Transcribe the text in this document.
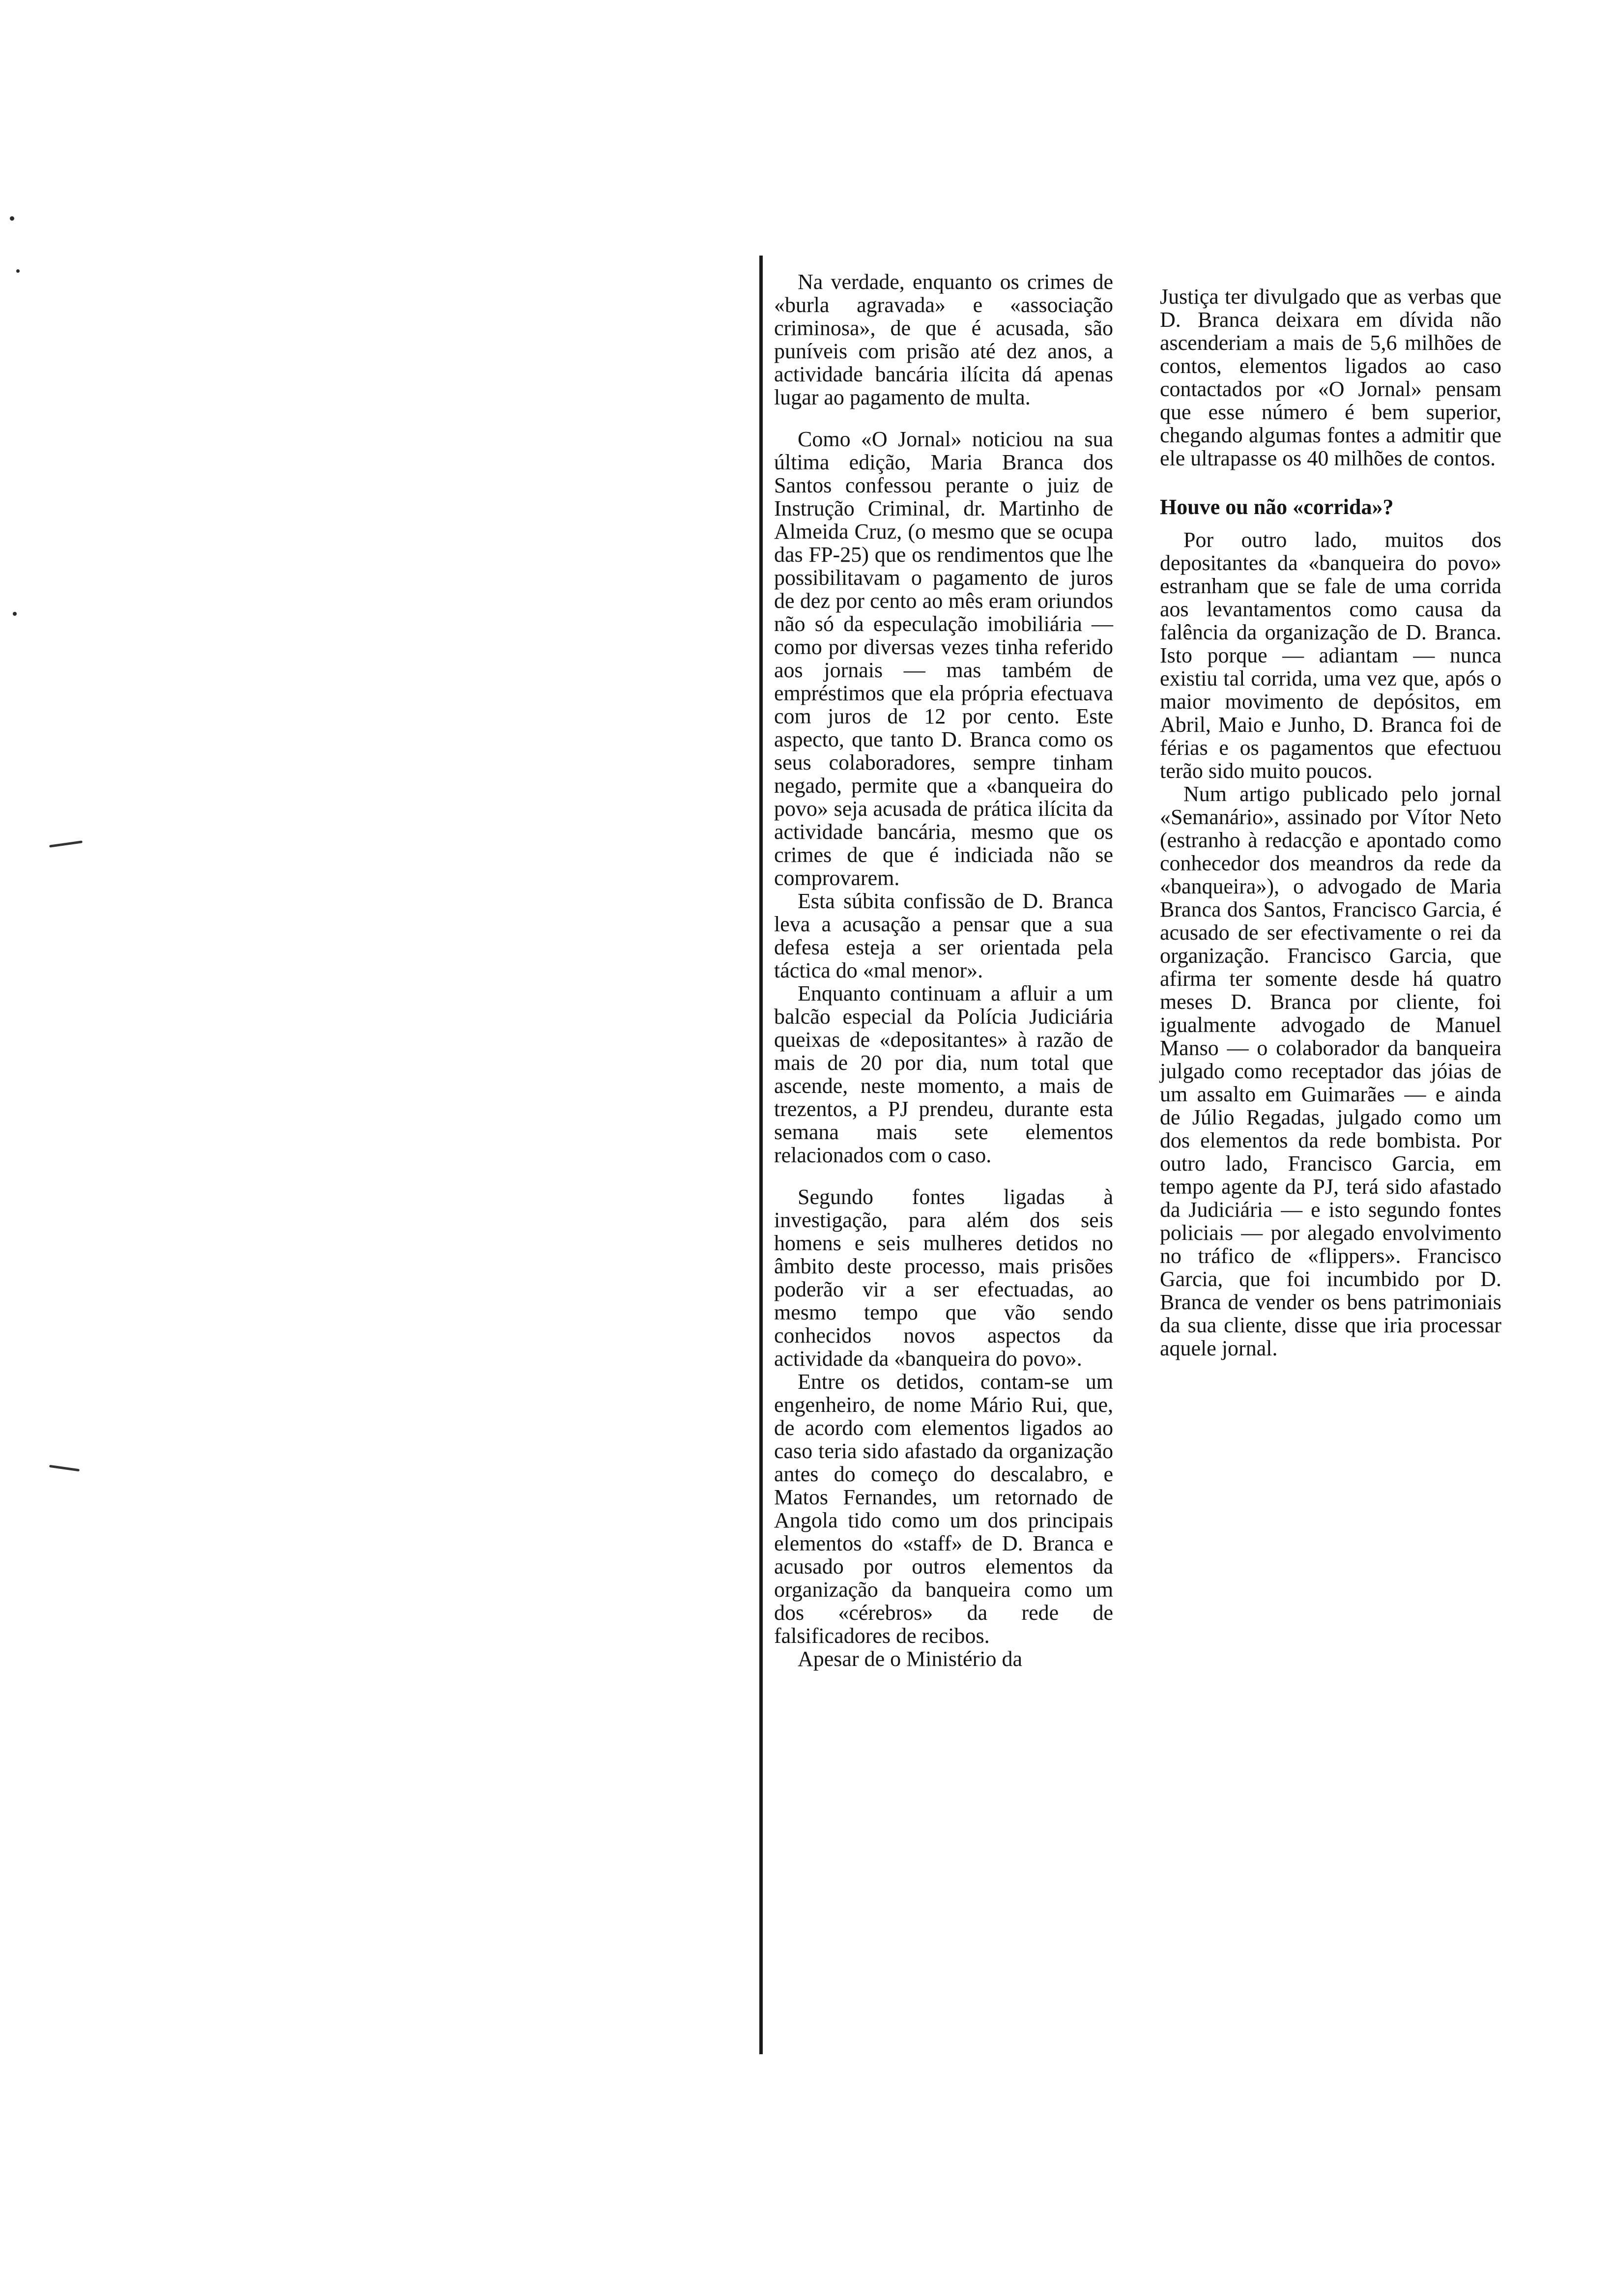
Na verdade, enquanto os crimes de «burla agravada» e «associação criminosa», de que é acusada, são puníveis com prisão até dez anos, a actividade bancária ilícita dá apenas lugar ao pagamento de multa.

Como «O Jornal» noticiou na sua última edição, Maria Branca dos Santos confessou perante o juiz de Instrução Criminal, dr. Martinho de Almeida Cruz, (o mesmo que se ocupa das FP-25) que os rendimentos que lhe possibilitavam o pagamento de juros de dez por cento ao mês eram oriundos não só da especulação imobiliária — como por diversas vezes tinha referido aos jornais — mas também de empréstimos que ela própria efectuava com juros de 12 por cento. Este aspecto, que tanto D. Branca como os seus colaboradores, sempre tinham negado, permite que a «banqueira do povo» seja acusada de prática ilícita da actividade bancária, mesmo que os crimes de que é indiciada não se comprovarem.

Esta súbita confissão de D. Branca leva a acusação a pensar que a sua defesa esteja a ser orientada pela táctica do «mal menor».

Enquanto continuam a afluir a um balcão especial da Polícia Judiciária queixas de «depositantes» à razão de mais de 20 por dia, num total que ascende, neste momento, a mais de trezentos, a PJ prendeu, durante esta semana mais sete elementos relacionados com o caso.

Segundo fontes ligadas à investigação, para além dos seis homens e seis mulheres detidos no âmbito deste processo, mais prisões poderão vir a ser efectuadas, ao mesmo tempo que vão sendo conhecidos novos aspectos da actividade da «banqueira do povo».

Entre os detidos, contam-se um engenheiro, de nome Mário Rui, que, de acordo com elementos ligados ao caso teria sido afastado da organização antes do começo do descalabro, e Matos Fernandes, um retornado de Angola tido como um dos principais elementos do «staff» de D. Branca e acusado por outros elementos da organização da banqueira como um dos «cérebros» da rede de falsificadores de recibos.

Apesar de o Ministério da

Justiça ter divulgado que as verbas que D. Branca deixara em dívida não ascenderiam a mais de 5,6 milhões de contos, elementos ligados ao caso contactados por «O Jornal» pensam que esse número é bem superior, chegando algumas fontes a admitir que ele ultrapasse os 40 milhões de contos.

Houve ou não «corrida»?

Por outro lado, muitos dos depositantes da «banqueira do povo» estranham que se fale de uma corrida aos levantamentos como causa da falência da organização de D. Branca. Isto porque — adiantam — nunca existiu tal corrida, uma vez que, após o maior movimento de depósitos, em Abril, Maio e Junho, D. Branca foi de férias e os pagamentos que efectuou terão sido muito poucos.

Num artigo publicado pelo jornal «Semanário», assinado por Vítor Neto (estranho à redacção e apontado como conhecedor dos meandros da rede da «banqueira»), o advogado de Maria Branca dos Santos, Francisco Garcia, é acusado de ser efectivamente o rei da organização. Francisco Garcia, que afirma ter somente desde há quatro meses D. Branca por cliente, foi igualmente advogado de Manuel Manso — o colaborador da banqueira julgado como receptador das jóias de um assalto em Guimarães — e ainda de Júlio Regadas, julgado como um dos elementos da rede bombista. Por outro lado, Francisco Garcia, em tempo agente da PJ, terá sido afastado da Judiciária — e isto segundo fontes policiais — por alegado envolvimento no tráfico de «flippers». Francisco Garcia, que foi incumbido por D. Branca de vender os bens patrimoniais da sua cliente, disse que iria processar aquele jornal.
